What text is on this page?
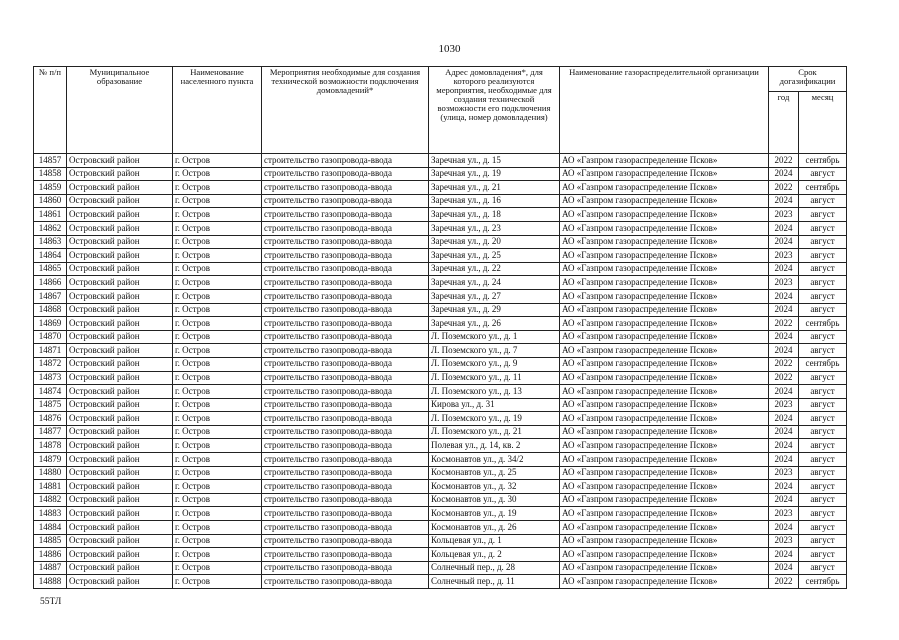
1030
№ п/п	Муниципальное образование	Наименование населенного пункта	Мероприятия необходимые для создания технической возможности подключения домовладений*	Адрес домовладения*, для которого реализуются мероприятия, необходимые для создания технической возможности его подключения (улица, номер домовладения)	Наименование газораспределительной организации	Срок догазификации	
						год	месяц
14857	Островский район	г. Остров	строительство газопровода-ввода	Заречная ул., д. 15	АО «Газпром газораспределение Псков»	2022	сентябрь
14858	Островский район	г. Остров	строительство газопровода-ввода	Заречная ул., д. 19	АО «Газпром газораспределение Псков»	2024	август
14859	Островский район	г. Остров	строительство газопровода-ввода	Заречная ул., д. 21	АО «Газпром газораспределение Псков»	2022	сентябрь
14860	Островский район	г. Остров	строительство газопровода-ввода	Заречная ул., д. 16	АО «Газпром газораспределение Псков»	2024	август
14861	Островский район	г. Остров	строительство газопровода-ввода	Заречная ул., д. 18	АО «Газпром газораспределение Псков»	2023	август
14862	Островский район	г. Остров	строительство газопровода-ввода	Заречная ул., д. 23	АО «Газпром газораспределение Псков»	2024	август
14863	Островский район	г. Остров	строительство газопровода-ввода	Заречная ул., д. 20	АО «Газпром газораспределение Псков»	2024	август
14864	Островский район	г. Остров	строительство газопровода-ввода	Заречная ул., д. 25	АО «Газпром газораспределение Псков»	2023	август
14865	Островский район	г. Остров	строительство газопровода-ввода	Заречная ул., д. 22	АО «Газпром газораспределение Псков»	2024	август
14866	Островский район	г. Остров	строительство газопровода-ввода	Заречная ул., д. 24	АО «Газпром газораспределение Псков»	2023	август
14867	Островский район	г. Остров	строительство газопровода-ввода	Заречная ул., д. 27	АО «Газпром газораспределение Псков»	2024	август
14868	Островский район	г. Остров	строительство газопровода-ввода	Заречная ул., д. 29	АО «Газпром газораспределение Псков»	2024	август
14869	Островский район	г. Остров	строительство газопровода-ввода	Заречная ул., д. 26	АО «Газпром газораспределение Псков»	2022	сентябрь
14870	Островский район	г. Остров	строительство газопровода-ввода	Л. Поземского ул., д. 1	АО «Газпром газораспределение Псков»	2024	август
14871	Островский район	г. Остров	строительство газопровода-ввода	Л. Поземского ул., д. 7	АО «Газпром газораспределение Псков»	2024	август
14872	Островский район	г. Остров	строительство газопровода-ввода	Л. Поземского ул., д. 9	АО «Газпром газораспределение Псков»	2022	сентябрь
14873	Островский район	г. Остров	строительство газопровода-ввода	Л. Поземского ул., д. 11	АО «Газпром газораспределение Псков»	2022	август
14874	Островский район	г. Остров	строительство газопровода-ввода	Л. Поземского ул., д. 13	АО «Газпром газораспределение Псков»	2024	август
14875	Островский район	г. Остров	строительство газопровода-ввода	Кирова ул., д. 31	АО «Газпром газораспределение Псков»	2023	август
14876	Островский район	г. Остров	строительство газопровода-ввода	Л. Поземского ул., д. 19	АО «Газпром газораспределение Псков»	2024	август
14877	Островский район	г. Остров	строительство газопровода-ввода	Л. Поземского ул., д. 21	АО «Газпром газораспределение Псков»	2024	август
14878	Островский район	г. Остров	строительство газопровода-ввода	Полевая ул., д. 14, кв. 2	АО «Газпром газораспределение Псков»	2024	август
14879	Островский район	г. Остров	строительство газопровода-ввода	Космонавтов ул., д. 34/2	АО «Газпром газораспределение Псков»	2024	август
14880	Островский район	г. Остров	строительство газопровода-ввода	Космонавтов ул., д. 25	АО «Газпром газораспределение Псков»	2023	август
14881	Островский район	г. Остров	строительство газопровода-ввода	Космонавтов ул., д. 32	АО «Газпром газораспределение Псков»	2024	август
14882	Островский район	г. Остров	строительство газопровода-ввода	Космонавтов ул., д. 30	АО «Газпром газораспределение Псков»	2024	август
14883	Островский район	г. Остров	строительство газопровода-ввода	Космонавтов ул., д. 19	АО «Газпром газораспределение Псков»	2023	август
14884	Островский район	г. Остров	строительство газопровода-ввода	Космонавтов ул., д. 26	АО «Газпром газораспределение Псков»	2024	август
14885	Островский район	г. Остров	строительство газопровода-ввода	Кольцевая ул., д. 1	АО «Газпром газораспределение Псков»	2023	август
14886	Островский район	г. Остров	строительство газопровода-ввода	Кольцевая ул., д. 2	АО «Газпром газораспределение Псков»	2024	август
14887	Островский район	г. Остров	строительство газопровода-ввода	Солнечный пер., д. 28	АО «Газпром газораспределение Псков»	2024	август
14888	Островский район	г. Остров	строительство газопровода-ввода	Солнечный пер., д. 11	АО «Газпром газораспределение Псков»	2022	сентябрь
55ТЛ
